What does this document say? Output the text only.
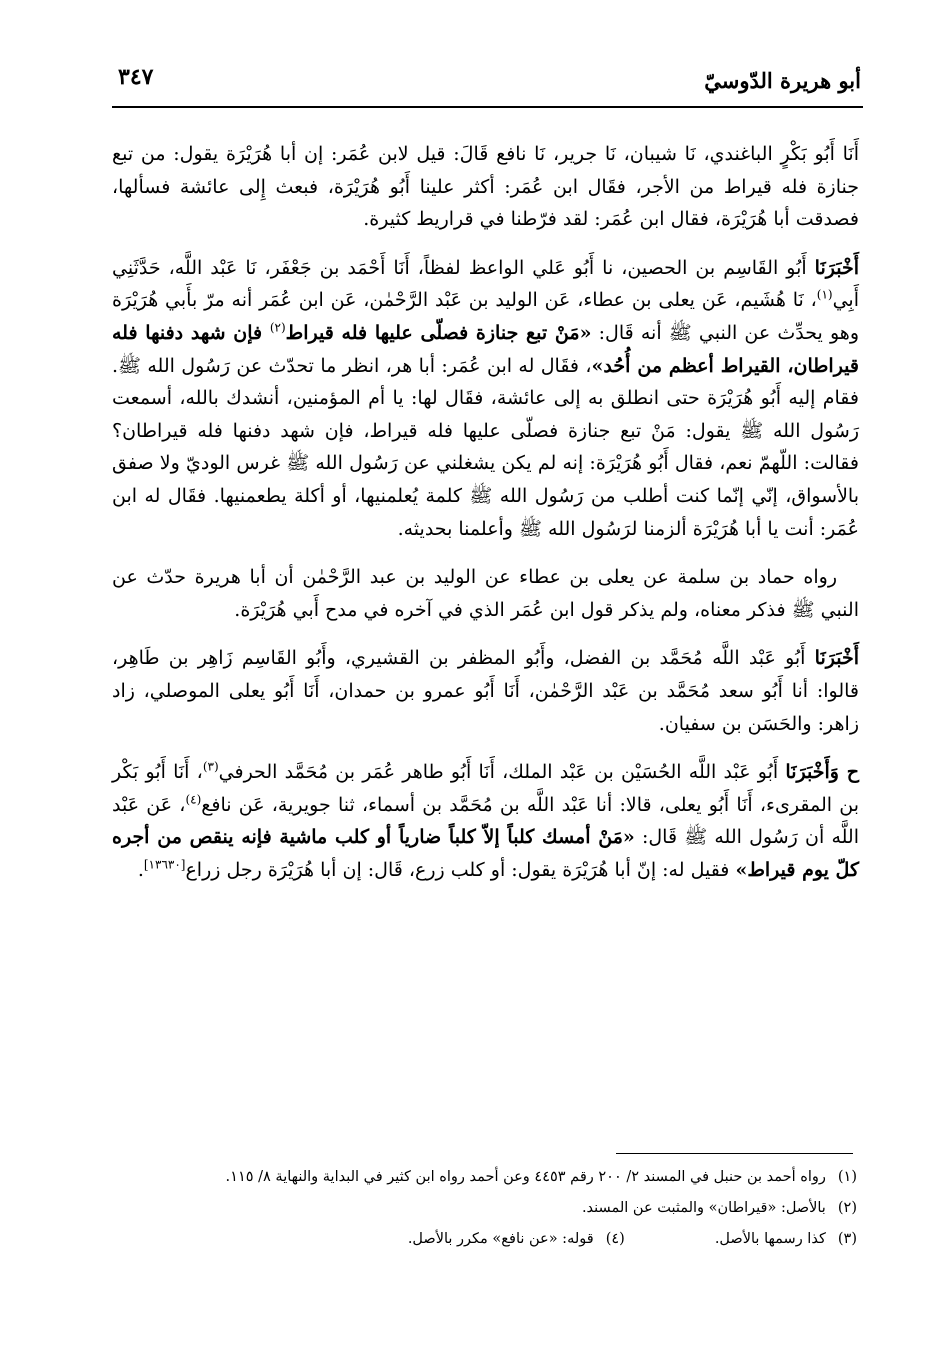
أبو هريرة الدّوسيّ
٣٤٧

أَنَا أَبُو بَكْرٍ الباغندي، نَا شيبان، نَا جرير، نَا نافع قَالَ: قيل لابن عُمَر: إن أبا هُرَيْرَة يقول: من تبع جنازة فله قيراط من الأجر، فقَال ابن عُمَر: أكثر علينا أَبُو هُرَيْرَة، فبعث إِلى عائشة فسألها، فصدقت أبا هُرَيْرَة، فقال ابن عُمَر: لقد فرّطنا في قراريط كثيرة.

أَخْبَرَنَا أَبُو القَاسِم بن الحصين، نا أَبُو عَلي الواعظ لفظاً، أَنَا أَحْمَد بن جَعْفَر، نَا عَبْد اللَّه، حَدَّثَنِي أَبِي$^{(١)}$، نَا هُشَيم، عَن يعلى بن عطاء، عَن الوليد بن عَبْد الرَّحْمٰن، عَن ابن عُمَر أنه مرّ بأَبي هُرَيْرَة وهو يحدِّث عن النبي ﷺ أنه قَال: «مَنْ تبع جنازة فصلّى عليها فله قيراط$^{(٢)}$ فإن شهد دفنها فله قيراطان، القيراط أعظم من أُحُد»، فقَال له ابن عُمَر: أبا هر، انظر ما تحدّث عن رَسُول الله ﷺ. فقام إليه أَبُو هُرَيْرَة حتى انطلق به إلى عائشة، فقَال لها: يا أم المؤمنين، أنشدك بالله، أسمعت رَسُول الله ﷺ يقول: مَنْ تبع جنازة فصلّى عليها فله قيراط، فإن شهد دفنها فله قيراطان؟ فقالت: اللّهمّ نعم، فقال أَبُو هُرَيْرَة: إنه لم يكن يشغلني عن رَسُول الله ﷺ غرس الوديّ ولا صفق بالأسواق، إنّي إنّما كنت أطلب من رَسُول الله ﷺ كلمة يُعلمنيها، أو أكلة يطعمنيها. فقَال له ابن عُمَر: أنت يا أبا هُرَيْرَة ألزمنا لرَسُول الله ﷺ وأعلمنا بحديثه.

رواه حماد بن سلمة عن يعلى بن عطاء عن الوليد بن عبد الرَّحْمٰن أن أبا هريرة حدّث عن النبي ﷺ فذكر معناه، ولم يذكر قول ابن عُمَر الذي في آخره في مدح أَبي هُرَيْرَة.

أَخْبَرَنَا أَبُو عَبْد اللَّه مُحَمَّد بن الفضل، وأَبُو المظفر بن القشيري، وأَبُو القَاسِم زَاهِر بن طَاهِر، قالوا: أنا أَبُو سعد مُحَمَّد بن عَبْد الرَّحْمٰن، أَنَا أَبُو عمرو بن حمدان، أَنَا أَبُو يعلى الموصلي، زاد زاهر: والحَسَن بن سفيان.

ح وَأَخْبَرَنَا أَبُو عَبْد اللَّه الحُسَيْن بن عَبْد الملك، أَنَا أَبُو طاهر عُمَر بن مُحَمَّد الحرفي$^{(٣)}$، أَنَا أَبُو بَكْر بن المقرىء، أَنَا أَبُو يعلى، قالا: أنا عَبْد اللَّه بن مُحَمَّد بن أسماء، ثنا جويرية، عَن نافع$^{(٤)}$، عَن عَبْد اللَّه أن رَسُول الله ﷺ قَال: «مَنْ أمسك كلباً إلاّ كلباً ضارياً أو كلب ماشية فإنه ينقص من أجره كلّ يوم قيراط» فقيل له: إنّ أبا هُرَيْرَة يقول: أو كلب زرع، قَال: إن أبا هُرَيْرَة رجل زراع[١٣٦٣٠].

(١)رواه أحمد بن حنبل في المسند ٢/ ٢٠٠ رقم ٤٤٥٣ وعن أحمد رواه ابن كثير في البداية والنهاية ٨/ ١١٥.
(٢)بالأصل: «قيراطان» والمثبت عن المسند.
(٣)كذا رسمها بالأصل.
(٤)قوله: «عن نافع» مكرر بالأصل.
